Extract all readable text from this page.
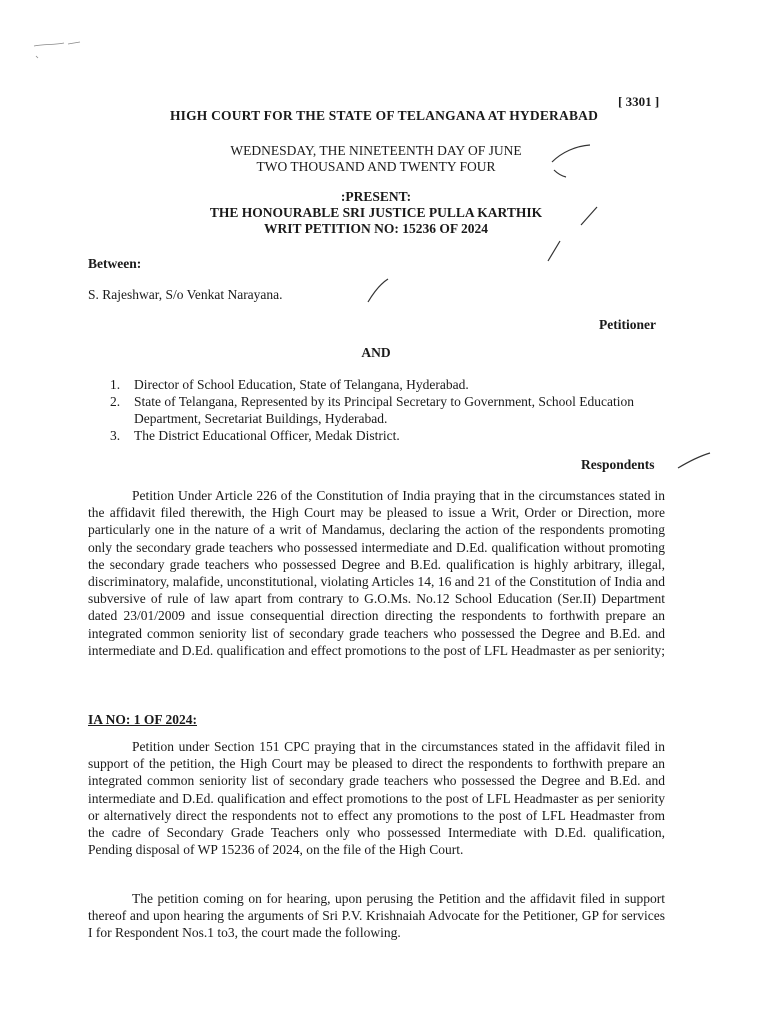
[ 3301 ]
HIGH COURT FOR THE STATE OF TELANGANA AT HYDERABAD
WEDNESDAY, THE NINETEENTH DAY OF JUNE
TWO THOUSAND AND TWENTY FOUR
:PRESENT:
THE HONOURABLE SRI JUSTICE PULLA KARTHIK
WRIT PETITION NO: 15236 OF 2024
Between:
S. Rajeshwar, S/o Venkat Narayana.
Petitioner
AND
1. Director of School Education, State of Telangana, Hyderabad.
2. State of Telangana, Represented by its Principal Secretary to Government, School Education Department, Secretariat Buildings, Hyderabad.
3. The District Educational Officer, Medak District.
Respondents

Petition Under Article 226 of the Constitution of India praying that in the circumstances stated in the affidavit filed therewith, the High Court may be pleased to issue a Writ, Order or Direction, more particularly one in the nature of a writ of Mandamus, declaring the action of the respondents promoting only the secondary grade teachers who possessed intermediate and D.Ed. qualification without promoting the secondary grade teachers who possessed Degree and B.Ed. qualification is highly arbitrary, illegal, discriminatory, malafide, unconstitutional, violating Articles 14, 16 and 21 of the Constitution of India and subversive of rule of law apart from contrary to G.O.Ms. No.12 School Education (Ser.II) Department dated 23/01/2009 and issue consequential direction directing the respondents to forthwith prepare an integrated common seniority list of secondary grade teachers who possessed the Degree and B.Ed. and intermediate and D.Ed. qualification and effect promotions to the post of LFL Headmaster as per seniority;

IA NO: 1 OF 2024:

Petition under Section 151 CPC praying that in the circumstances stated in the affidavit filed in support of the petition, the High Court may be pleased to direct the respondents to forthwith prepare an integrated common seniority list of secondary grade teachers who possessed the Degree and B.Ed. and intermediate and D.Ed. qualification and effect promotions to the post of LFL Headmaster as per seniority or alternatively direct the respondents not to effect any promotions to the post of LFL Headmaster from the cadre of Secondary Grade Teachers only who possessed Intermediate with D.Ed. qualification, Pending disposal of WP 15236 of 2024, on the file of the High Court.

The petition coming on for hearing, upon perusing the Petition and the affidavit filed in support thereof and upon hearing the arguments of Sri P.V. Krishnaiah Advocate for the Petitioner, GP for services I for Respondent Nos.1 to3, the court made the following.
